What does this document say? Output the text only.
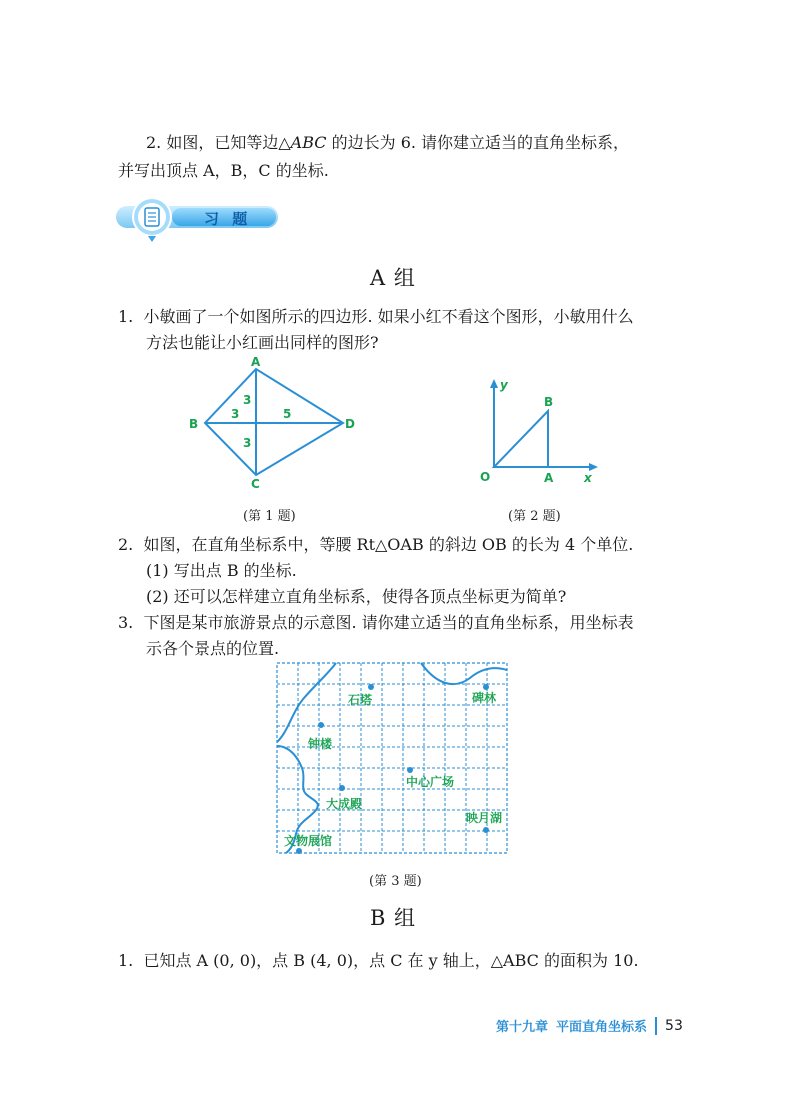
2. 如图，已知等边△ABC 的边长为 6. 请你建立适当的直角坐标系，
并写出顶点 A，B，C 的坐标.
习 题
A 组
1. 小敏画了一个如图所示的四边形. 如果小红不看这个图形，小敏用什么
方法也能让小红画出同样的图形?
A
B
C
D
3
3	5
3
(第 1 题)
y
x
O	A
B
(第 2 题)
2. 如图，在直角坐标系中，等腰 Rt△OAB 的斜边 OB 的长为 4 个单位.
(1) 写出点 B 的坐标.
(2) 还可以怎样建立直角坐标系，使得各顶点坐标更为简单?
3. 下图是某市旅游景点的示意图. 请你建立适当的直角坐标系，用坐标表
示各个景点的位置.
石塔	碑林
钟楼
中心广场
大成殿
映月湖
文物展馆
(第 3 题)
B 组
1. 已知点 A (0, 0)，点 B (4, 0)，点 C 在 y 轴上，△ABC 的面积为 10.
第十九章 平面直角坐标系 53
